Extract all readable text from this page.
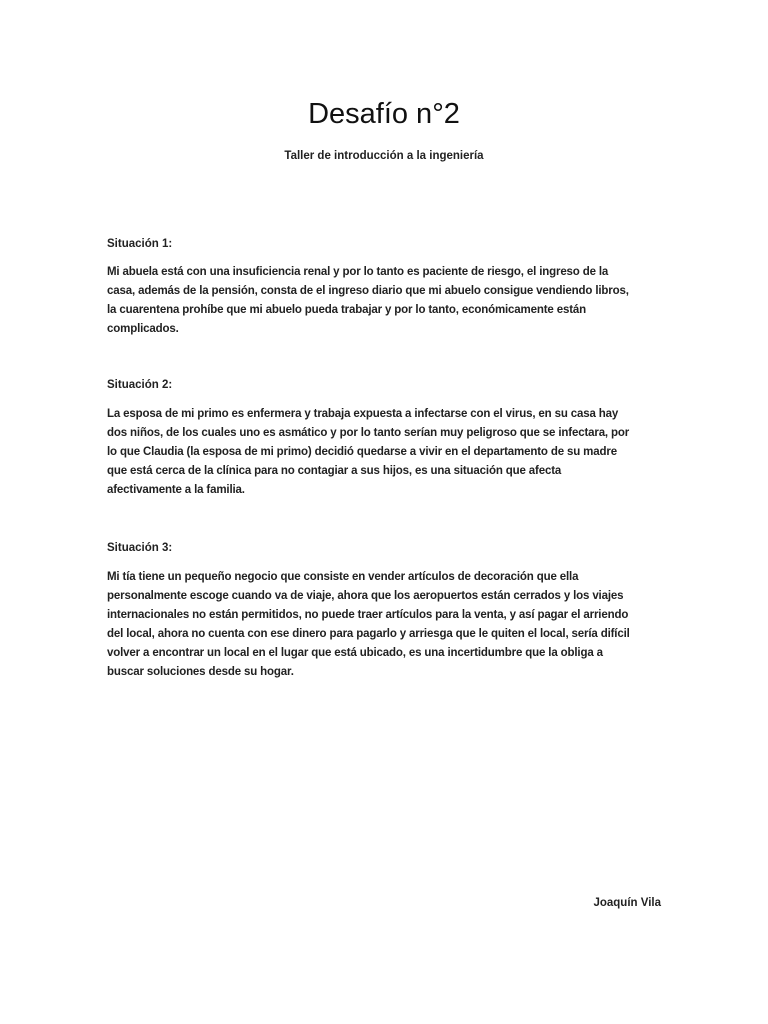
Desafío n°2

Taller de introducción a la ingeniería

Situación 1:

Mi abuela está con una insuficiencia renal y por lo tanto es paciente de riesgo, el ingreso de la casa, además de la pensión, consta de el ingreso diario que mi abuelo consigue vendiendo libros, la cuarentena prohíbe que mi abuelo pueda trabajar y por lo tanto, económicamente están complicados.

Situación 2:

La esposa de mi primo es enfermera y trabaja expuesta a infectarse con el virus, en su casa hay dos niños, de los cuales uno es asmático y por lo tanto serían muy peligroso que se infectara, por lo que Claudia (la esposa de mi primo) decidió quedarse a vivir en el departamento de su madre que está cerca de la clínica para no contagiar a sus hijos, es una situación que afecta afectivamente a la familia.

Situación 3:

Mi tía tiene un pequeño negocio que consiste en vender artículos de decoración que ella personalmente escoge cuando va de viaje, ahora que los aeropuertos están cerrados y los viajes internacionales no están permitidos, no puede traer artículos para la venta, y así pagar el arriendo del local, ahora no cuenta con ese dinero para pagarlo y arriesga que le quiten el local, sería difícil volver a encontrar un local en el lugar que está ubicado, es una incertidumbre que la obliga a buscar soluciones desde su hogar.

Joaquín Vila
